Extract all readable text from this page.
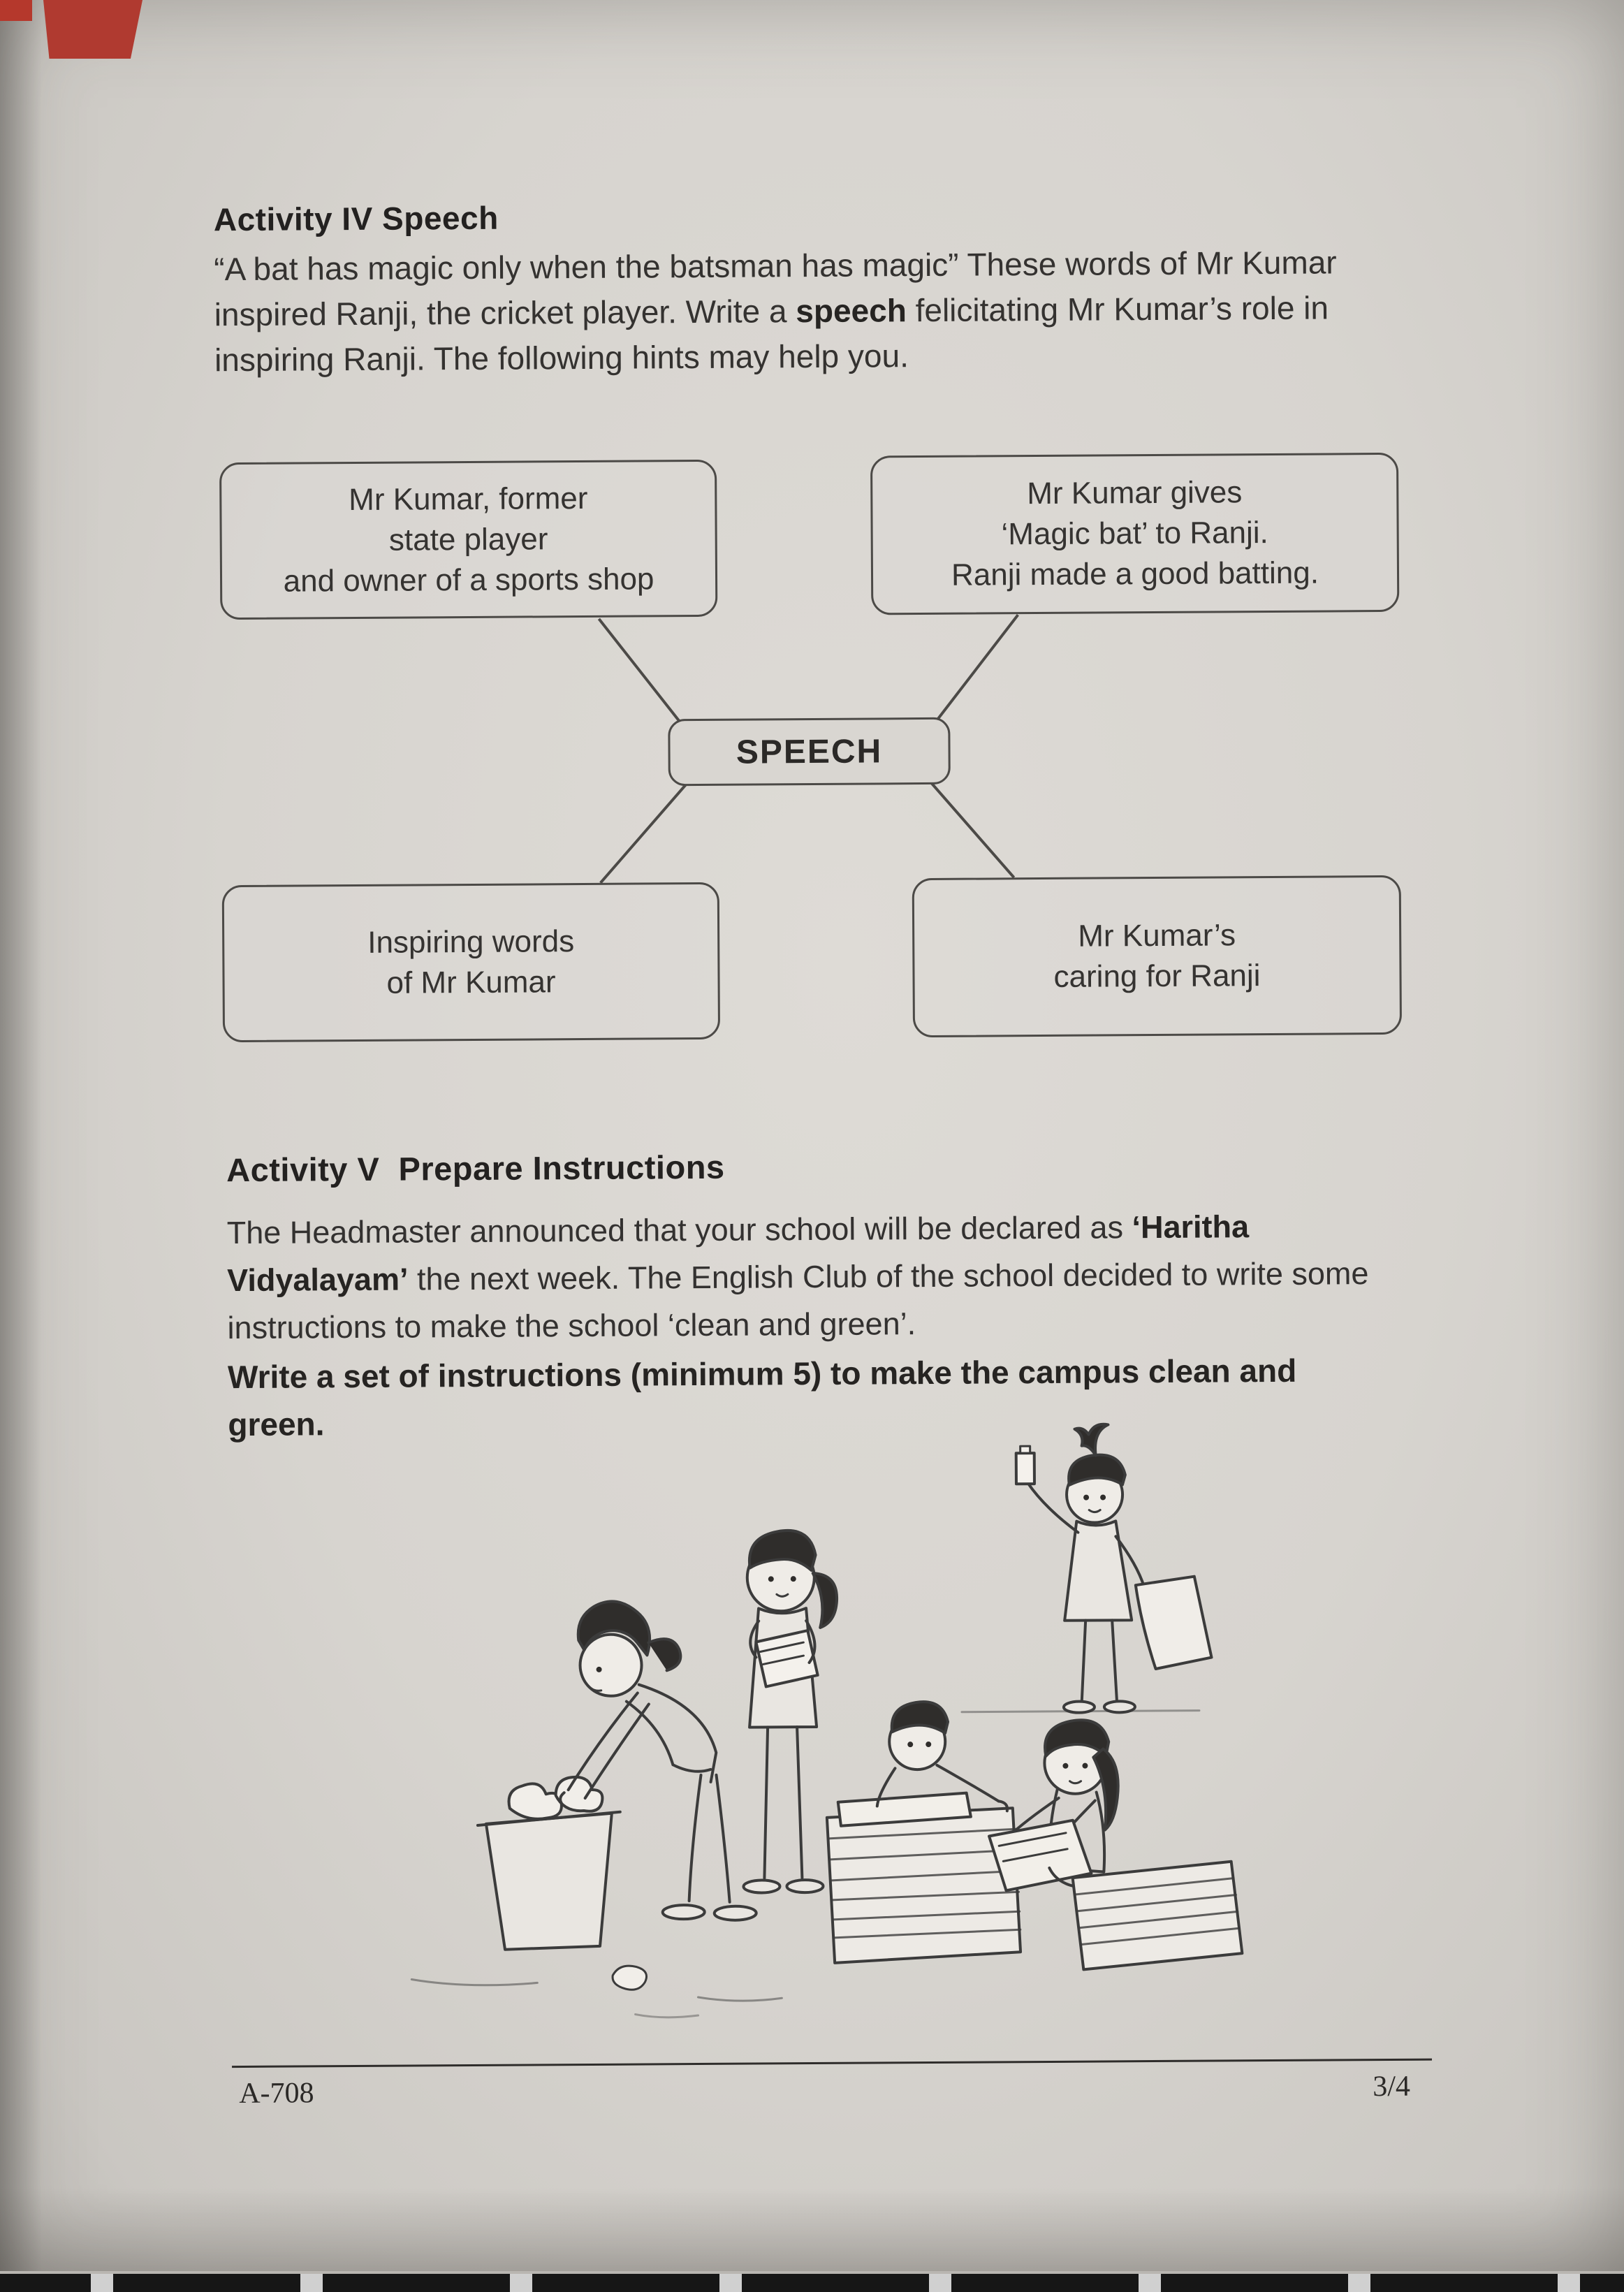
Activity IV Speech
“A bat has magic only when the batsman has magic” These words of Mr Kumar inspired Ranji, the cricket player. Write a speech felicitating Mr Kumar’s role in inspiring Ranji. The following hints may help you.
Mr Kumar, former
state player
and owner of a sports shop
Mr Kumar gives
‘Magic bat’ to Ranji.
Ranji made a good batting.
SPEECH
Inspiring words
of Mr Kumar
Mr Kumar’s
caring for Ranji
Activity V  Prepare Instructions
The Headmaster announced that your school will be declared as ‘Haritha Vidyalayam’ the next week. The English Club of the school decided to write some instructions to make the school ‘clean and green’.
Write a set of instructions (minimum 5) to make the campus clean and green.
A-708	3/4
